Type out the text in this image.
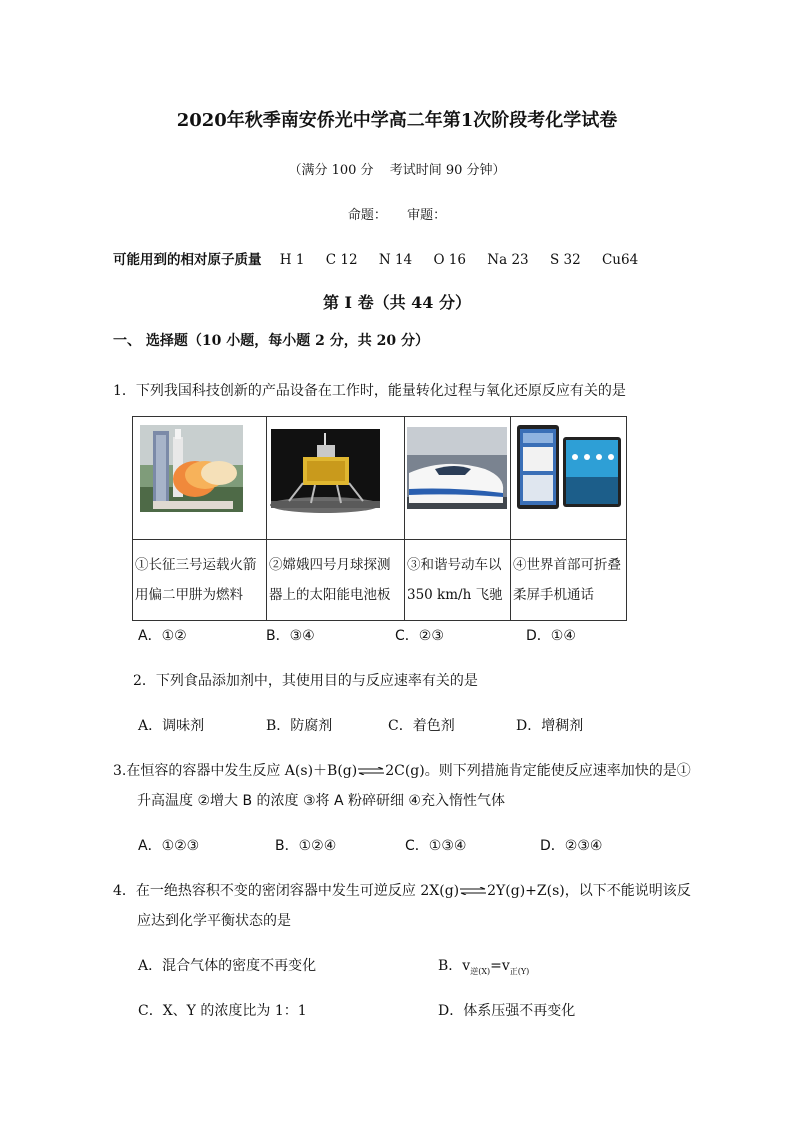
2020年秋季南安侨光中学高二年第1次阶段考化学试卷
（满分 100 分 考试时间 90 分钟）
命题： 审题：
可能用到的相对原子质量 H 1 C 12 N 14 O 16 Na 23 S 32 Cu64
第 I 卷（共 44 分）
一、 选择题（10 小题，每小题 2 分，共 20 分）
1．下列我国科技创新的产品设备在工作时，能量转化过程与氧化还原反应有关的是

①长征三号运载火箭用偏二甲肼为燃料	②嫦娥四号月球探测器上的太阳能电池板	③和谐号动车以 350 km/h 飞驰	④世界首部可折叠柔屏手机通话
A．①②	B．③④	C．②③	D．①④
2．下列食品添加剂中，其使用目的与反应速率有关的是
A．调味剂	B．防腐剂	C．着色剂	D．增稠剂
3.在恒容的容器中发生反应 A(s)＋B(g)⇌2C(g)。则下列措施肯定能使反应速率加快的是①
升高温度 ②增大 B 的浓度 ③将 A 粉碎研细 ④充入惰性气体
A．①②③	B．①②④	C．①③④	D．②③④
4．在一绝热容积不变的密闭容器中发生可逆反应 2X(g)⇌2Y(g)+Z(s)，以下不能说明该反
应达到化学平衡状态的是
A．混合气体的密度不再变化	B．$v_{逆(X)}=v_{正(Y)}$
C．X、Y 的浓度比为 1：1	D．体系压强不再变化
